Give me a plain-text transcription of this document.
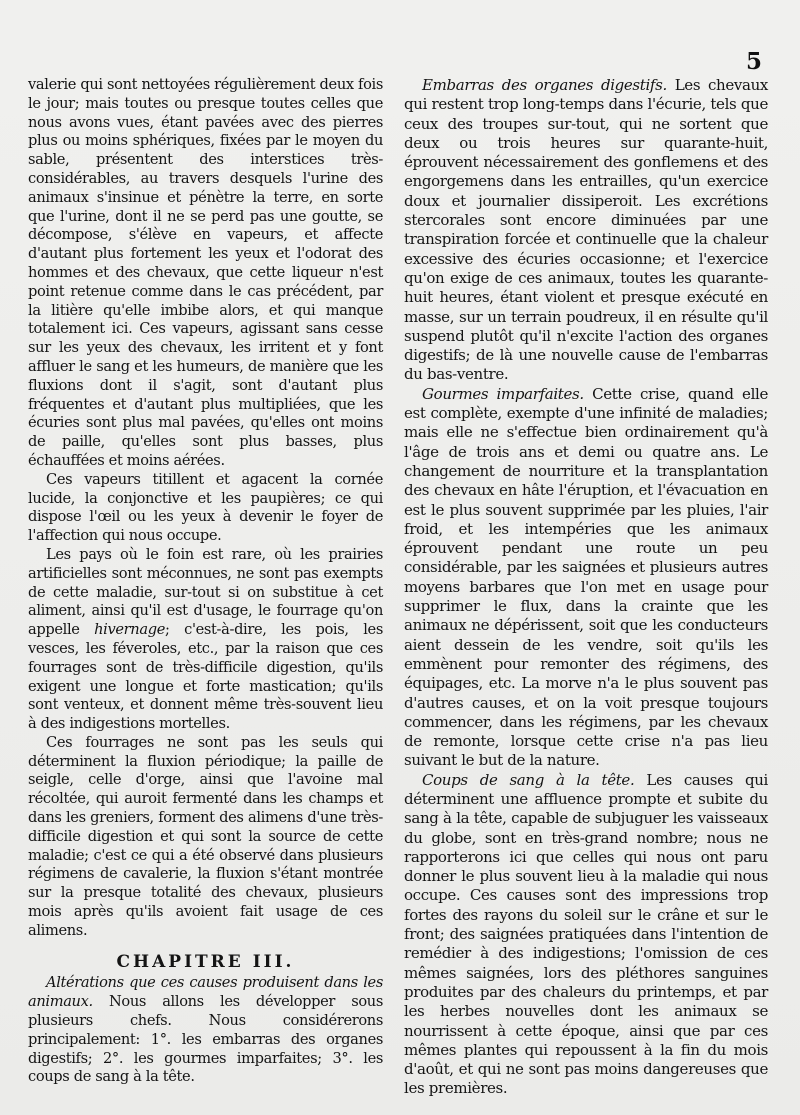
5

valerie qui sont nettoyées régulièrement deux fois le jour; mais toutes ou presque toutes celles que nous avons vues, étant pavées avec des pierres plus ou moins sphériques, fixées par le moyen du sable, présentent des interstices très-considérables, au travers desquels l'urine des animaux s'insinue et pénètre la terre, en sorte que l'urine, dont il ne se perd pas une goutte, se décompose, s'élève en vapeurs, et affecte d'autant plus fortement les yeux et l'odorat des hommes et des chevaux, que cette liqueur n'est point retenue comme dans le cas précédent, par la litière qu'elle imbibe alors, et qui manque totalement ici. Ces vapeurs, agissant sans cesse sur les yeux des chevaux, les irritent et y font affluer le sang et les humeurs, de manière que les fluxions dont il s'agit, sont d'autant plus fréquentes et d'autant plus multipliées, que les écuries sont plus mal pavées, qu'elles ont moins de paille, qu'elles sont plus basses, plus échauffées et moins aérées.

Ces vapeurs titillent et agacent la cornée lucide, la conjonctive et les paupières; ce qui dispose l'œil ou les yeux à devenir le foyer de l'affection qui nous occupe.

Les pays où le foin est rare, où les prairies artificielles sont méconnues, ne sont pas exempts de cette maladie, sur-tout si on substitue à cet aliment, ainsi qu'il est d'usage, le fourrage qu'on appelle hivernage; c'est-à-dire, les pois, les vesces, les féveroles, etc., par la raison que ces fourrages sont de très-difficile digestion, qu'ils exigent une longue et forte mastication; qu'ils sont venteux, et donnent même très-souvent lieu à des indigestions mortelles.

Ces fourrages ne sont pas les seuls qui déterminent la fluxion périodique; la paille de seigle, celle d'orge, ainsi que l'avoine mal récoltée, qui auroit fermenté dans les champs et dans les greniers, forment des alimens d'une très-difficile digestion et qui sont la source de cette maladie; c'est ce qui a été observé dans plusieurs régimens de cavalerie, la fluxion s'étant montrée sur la presque totalité des chevaux, plusieurs mois après qu'ils avoient fait usage de ces alimens.

CHAPITRE III.

Altérations que ces causes produisent dans les animaux. Nous allons les développer sous plusieurs chefs. Nous considérerons principalement: 1°. les embarras des organes digestifs; 2°. les gourmes imparfaites; 3°. les coups de sang à la tête.

Embarras des organes digestifs. Les chevaux qui restent trop long-temps dans l'écurie, tels que ceux des troupes sur-tout, qui ne sortent que deux ou trois heures sur quarante-huit, éprouvent nécessairement des gonflemens et des engorgemens dans les entrailles, qu'un exercice doux et journalier dissiperoit. Les excrétions stercorales sont encore diminuées par une transpiration forcée et continuelle que la chaleur excessive des écuries occasionne; et l'exercice qu'on exige de ces animaux, toutes les quarante-huit heures, étant violent et presque exécuté en masse, sur un terrain poudreux, il en résulte qu'il suspend plutôt qu'il n'excite l'action des organes digestifs; de là une nouvelle cause de l'embarras du bas-ventre.

Gourmes imparfaites. Cette crise, quand elle est complète, exempte d'une infinité de maladies; mais elle ne s'effectue bien ordinairement qu'à l'âge de trois ans et demi ou quatre ans. Le changement de nourriture et la transplantation des chevaux en hâte l'éruption, et l'évacuation en est le plus souvent supprimée par les pluies, l'air froid, et les intempéries que les animaux éprouvent pendant une route un peu considérable, par les saignées et plusieurs autres moyens barbares que l'on met en usage pour supprimer le flux, dans la crainte que les animaux ne dépérissent, soit que les conducteurs aient dessein de les vendre, soit qu'ils les emmènent pour remonter des régimens, des équipages, etc. La morve n'a le plus souvent pas d'autres causes, et on la voit presque toujours commencer, dans les régimens, par les chevaux de remonte, lorsque cette crise n'a pas lieu suivant le but de la nature.

Coups de sang à la tête. Les causes qui déterminent une affluence prompte et subite du sang à la tête, capable de subjuguer les vaisseaux du globe, sont en très-grand nombre; nous ne rapporterons ici que celles qui nous ont paru donner le plus souvent lieu à la maladie qui nous occupe. Ces causes sont des impressions trop fortes des rayons du soleil sur le crâne et sur le front; des saignées pratiquées dans l'intention de remédier à des indigestions; l'omission de ces mêmes saignées, lors des pléthores sanguines produites par des chaleurs du printemps, et par les herbes nouvelles dont les animaux se nourrissent à cette époque, ainsi que par ces mêmes plantes qui repoussent à la fin du mois d'août, et qui ne sont pas moins dangereuses que les premières.
